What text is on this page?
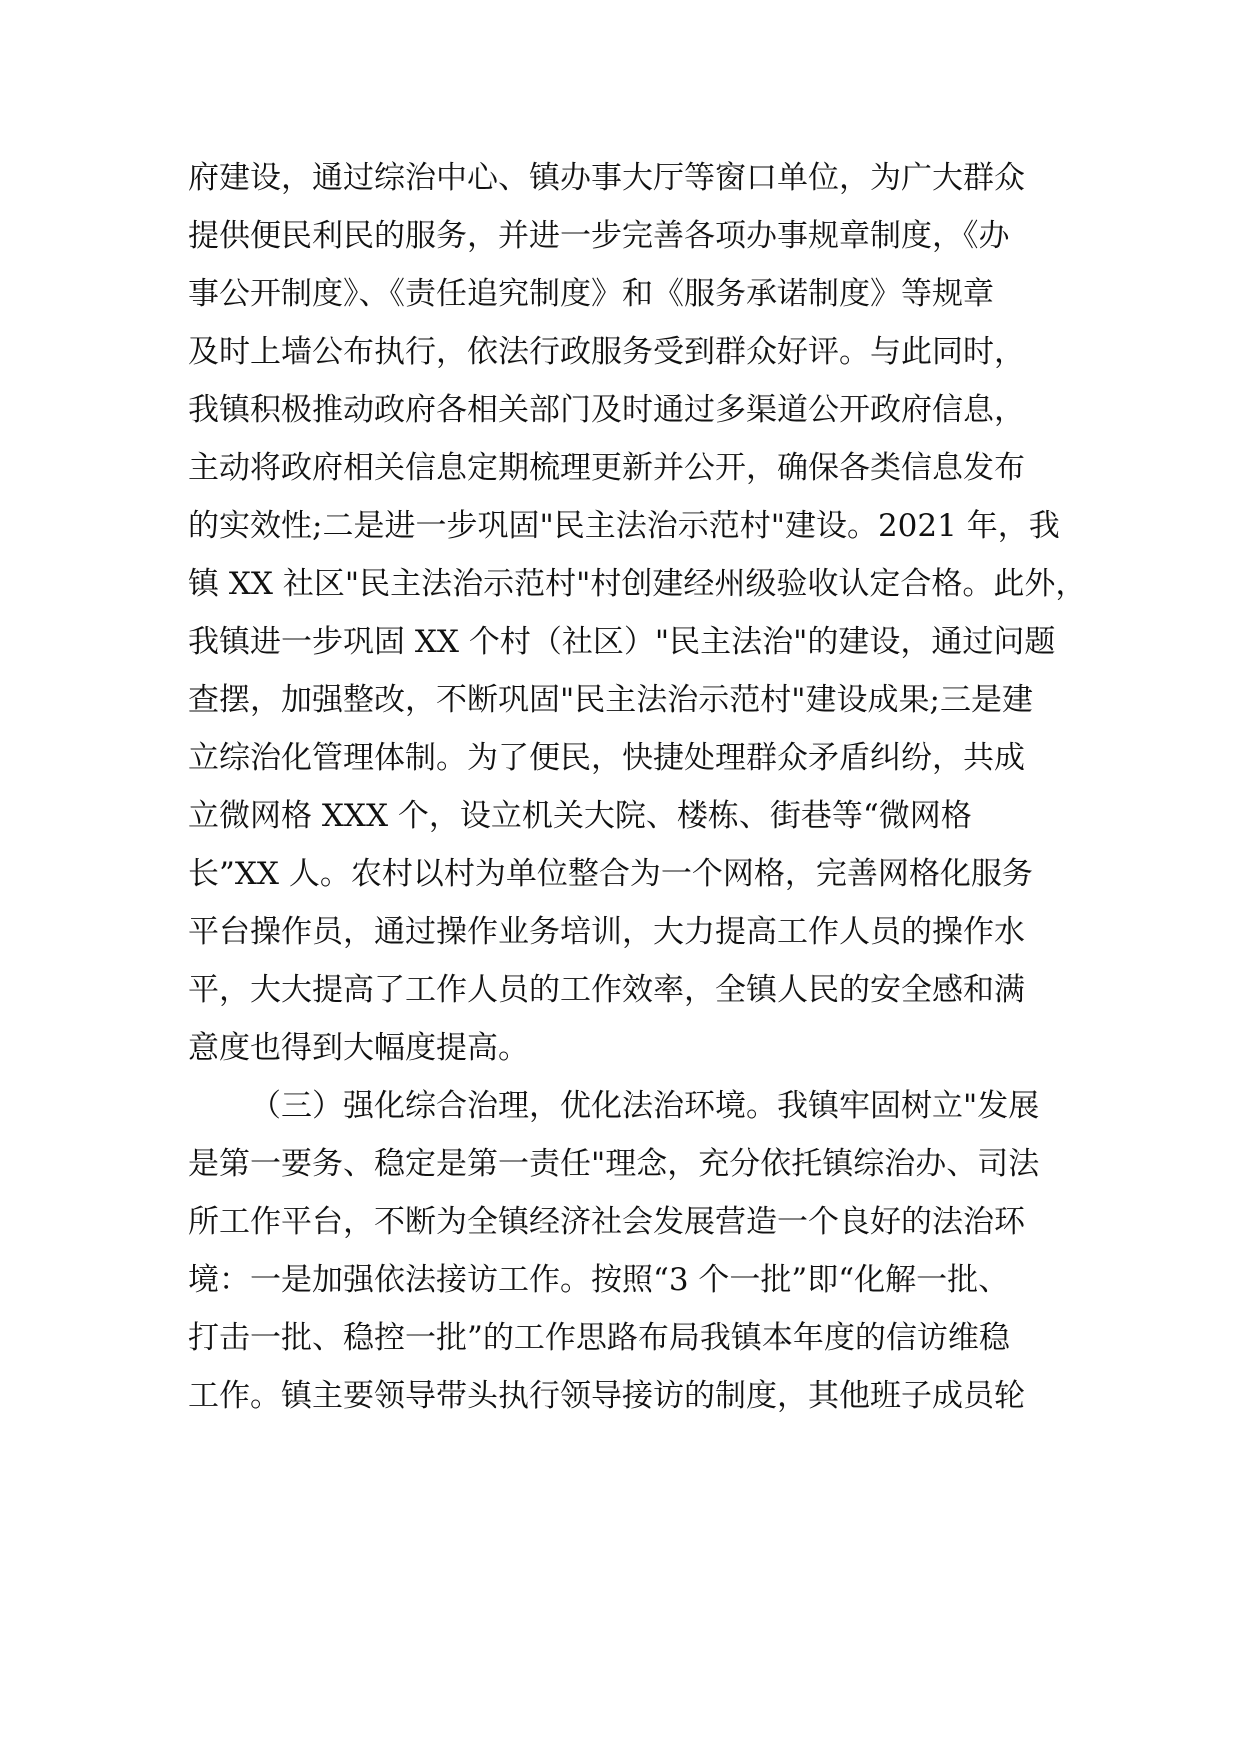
府建设，通过综治中心、镇办事大厅等窗口单位，为广大群众
提供便民利民的服务，并进一步完善各项办事规章制度，《办
事公开制度》、《责任追究制度》和《服务承诺制度》等规章
及时上墙公布执行，依法行政服务受到群众好评。与此同时，
我镇积极推动政府各相关部门及时通过多渠道公开政府信息，
主动将政府相关信息定期梳理更新并公开，确保各类信息发布
的实效性;二是进一步巩固"民主法治示范村"建设。2021 年，我
镇 XX 社区"民主法治示范村"村创建经州级验收认定合格。此外，
我镇进一步巩固 XX 个村（社区）"民主法治"的建设，通过问题
查摆，加强整改，不断巩固"民主法治示范村"建设成果;三是建
立综治化管理体制。为了便民，快捷处理群众矛盾纠纷，共成
立微网格 XXX 个，设立机关大院、楼栋、街巷等“微网格
长”XX 人。农村以村为单位整合为一个网格，完善网格化服务
平台操作员，通过操作业务培训，大力提高工作人员的操作水
平，大大提高了工作人员的工作效率，全镇人民的安全感和满
意度也得到大幅度提高。
（三）强化综合治理，优化法治环境。我镇牢固树立"发展
是第一要务、稳定是第一责任"理念，充分依托镇综治办、司法
所工作平台，不断为全镇经济社会发展营造一个良好的法治环
境：一是加强依法接访工作。按照“3 个一批”即“化解一批、
打击一批、稳控一批”的工作思路布局我镇本年度的信访维稳
工作。镇主要领导带头执行领导接访的制度，其他班子成员轮
